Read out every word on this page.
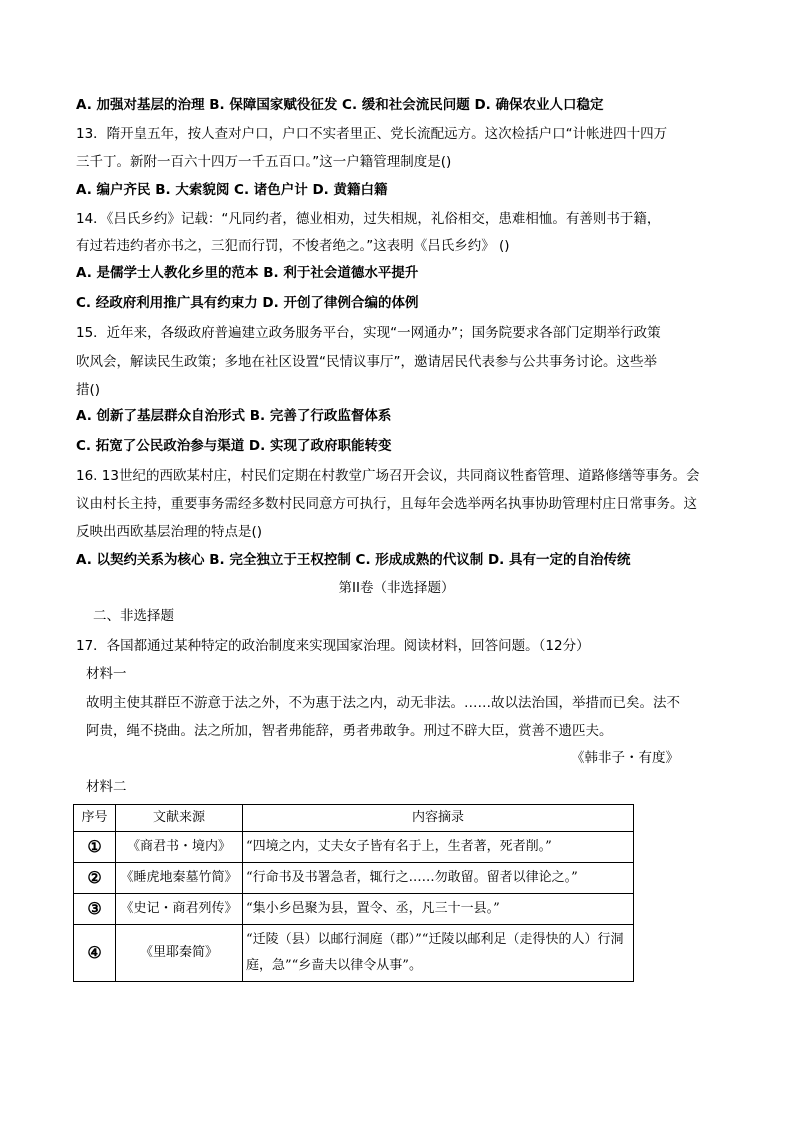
A. 加强对基层的治理 B. 保障国家赋役征发 C. 缓和社会流民问题 D. 确保农业人口稳定
13．隋开皇五年，按人查对户口，户口不实者里正、党长流配远方。这次检括户口“计帐进四十四万
三千丁。新附一百六十四万一千五百口。”这一户籍管理制度是()
A. 编户齐民 B. 大索貌阅 C. 诸色户计 D. 黄籍白籍
14．《吕氏乡约》记载：“凡同约者，德业相劝，过失相规，礼俗相交，患难相恤。有善则书于籍，
有过若违约者亦书之，三犯而行罚，不悛者绝之。”这表明《吕氏乡约》 ()
A. 是儒学士人教化乡里的范本 B. 利于社会道德水平提升
C. 经政府利用推广具有约束力 D. 开创了律例合编的体例
15．近年来，各级政府普遍建立政务服务平台，实现“一网通办”；国务院要求各部门定期举行政策
吹风会，解读民生政策；多地在社区设置“民情议事厅”，邀请居民代表参与公共事务讨论。这些举
措()
A. 创新了基层群众自治形式 B. 完善了行政监督体系
C. 拓宽了公民政治参与渠道 D. 实现了政府职能转变
16. 13世纪的西欧某村庄，村民们定期在村教堂广场召开会议，共同商议牲畜管理、道路修缮等事务。会
议由村长主持，重要事务需经多数村民同意方可执行，且每年会选举两名执事协助管理村庄日常事务。这
反映出西欧基层治理的特点是()
A. 以契约关系为核心 B. 完全独立于王权控制 C. 形成成熟的代议制 D. 具有一定的自治传统
第II卷（非选择题）
二、非选择题
17．各国都通过某种特定的政治制度来实现国家治理。阅读材料，回答问题。（12分）
材料一
故明主使其群臣不游意于法之外，不为惠于法之内，动无非法。……故以法治国，举措而已矣。法不
阿贵，绳不挠曲。法之所加，智者弗能辞，勇者弗敢争。刑过不辟大臣，赏善不遗匹夫。
《韩非子・有度》
材料二
序号	文献来源	内容摘录
①	《商君书・境内》	“四境之内，丈夫女子皆有名于上，生者著，死者削。”
②	《睡虎地秦墓竹简》	“行命书及书署急者，辄行之……勿敢留。留者以律论之。”
③	《史记・商君列传》	“集小乡邑聚为县，置令、丞，凡三十一县。”
④	《里耶秦简》	“迁陵（县）以邮行洞庭（郡）”“迁陵以邮利足（走得快的人）行洞庭，急”“乡啬夫以律令从事”。
